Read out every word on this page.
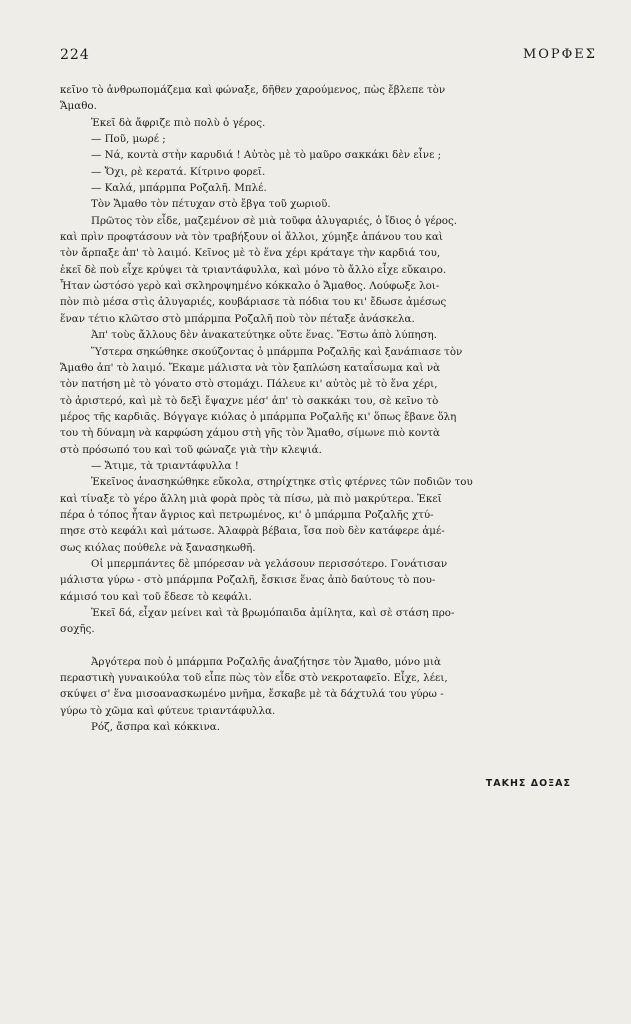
224	ΜΟΡΦΕΣ
κεῖνο τὸ ἀνθρωπομάζεμα καὶ φώναξε, δῆθεν χαρούμενος, πὼς ἔβλεπε τὸν
Ἄμαθο.
Ἐκεῖ δὰ ἄφριζε πιὸ πολὺ ὁ γέρος.
— Ποῦ, μωρέ ;
— Νά, κοντὰ στὴν καρυδιά ! Αὐτὸς μὲ τὸ μαῦρο σακκάκι δὲν εἶνε ;
— Ὄχι, ρὲ κερατά. Κίτρινο φορεῖ.
— Καλά, μπάρμπα Ροζαλῆ. Μπλέ.
Τὸν Ἄμαθο τὸν πέτυχαν στὸ ἔβγα τοῦ χωριοῦ.
Πρῶτος τὸν εἶδε, μαζεμένον σὲ μιὰ τοῦφα ἀλυγαριές, ὁ ἴδιος ὁ γέρος.
καὶ πρὶν προφτάσουν νὰ τὸν τραβήξουν οἱ ἄλλοι, χύμηξε ἀπάνου του καὶ
τὸν ἄρπαξε ἀπ' τὸ λαιμό. Κεῖνος μὲ τὸ ἕνα χέρι κράταγε τὴν καρδιά του,
ἐκεῖ δὲ ποὺ εἶχε κρύψει τὰ τριαντάφυλλα, καὶ μόνο τὸ ἄλλο εἶχε εὔκαιρο.
Ἦταν ὡστόσο γερὸ καὶ σκληροψημένο κόκκαλο ὁ Ἄμαθος. Λούφωξε λοι-
πὸν πιὸ μέσα στὶς ἀλυγαριές, κουβάριασε τὰ πόδια του κι' ἔδωσε ἀμέσως
ἕναν τέτιο κλῶτσο στὸ μπάρμπα Ροζαλῆ ποὺ τὸν πέταξε ἀνάσκελα.
Ἀπ' τοὺς ἄλλους δὲν ἀνακατεύτηκε οὔτε ἕνας. Ἔστω ἀπὸ λύπηση.
Ὕστερα σηκώθηκε σκούζοντας ὁ μπάρμπα Ροζαλῆς καὶ ξανάπιασε τὸν
Ἄμαθο ἀπ' τὸ λαιμό. Ἔκαμε μάλιστα νὰ τὸν ξαπλώση καταΐσωμα καὶ νὰ
τὸν πατήση μὲ τὸ γόνατο στὸ στομάχι. Πάλευε κι' αὐτὸς μὲ τὸ ἕνα χέρι,
τὸ ἀριστερό, καὶ μὲ τὸ δεξὶ ἔψαχνε μέσ' ἀπ' τὸ σακκάκι του, σὲ κεῖνο τὸ
μέρος τῆς καρδιᾶς. Βόγγαγε κιόλας ὁ μπάρμπα Ροζαλῆς κι' ὅπως ἔβανε ὅλη
του τὴ δύναμη νὰ καρφώση χάμου στὴ γῆς τὸν Ἄμαθο, σίμωνε πιὸ κοντὰ
στὸ πρόσωπό του καὶ τοῦ φώναζε γιὰ τὴν κλεψιά.
— Ἄτιμε, τὰ τριαντάφυλλα !
Ἐκεῖνος ἀνασηκώθηκε εὔκολα, στηρίχτηκε στὶς φτέρνες τῶν ποδιῶν του
καὶ τίναξε τὸ γέρο ἄλλη μιὰ φορὰ πρὸς τὰ πίσω, μὰ πιὸ μακρύτερα. Ἐκεῖ
πέρα ὁ τόπος ἦταν ἄγριος καὶ πετρωμένος, κι' ὁ μπάρμπα Ροζαλῆς χτύ-
πησε στὸ κεφάλι καὶ μάτωσε. Ἀλαφρὰ βέβαια, ἴσα ποὺ δὲν κατάφερε ἀμέ-
σως κιόλας πούθελε νὰ ξανασηκωθῆ.
Οἱ μπερμπάντες δὲ μπόρεσαν νὰ γελάσουν περισσότερο. Γονάτισαν
μάλιστα γύρω - στὸ μπάρμπα Ροζαλῆ, ἔσκισε ἕνας ἀπὸ δαύτους τὸ που-
κάμισό του καὶ τοῦ ἔδεσε τὸ κεφάλι.
Ἐκεῖ δά, εἶχαν μείνει καὶ τὰ βρωμόπαιδα ἀμίλητα, καὶ σὲ στάση προ-
σοχῆς.
Ἀργότερα ποὺ ὁ μπάρμπα Ροζαλῆς ἀναζήτησε τὸν Ἄμαθο, μόνο μιὰ
περαστικὴ γυναικούλα τοῦ εἶπε πὼς τὸν εἶδε στὸ νεκροταφεῖο. Εἶχε, λέει,
σκύψει σ' ἕνα μισοανασκωμένο μνῆμα, ἔσκαβε μὲ τὰ δάχτυλά του γύρω -
γύρω τὸ χῶμα καὶ φύτευε τριαντάφυλλα.
Ρόζ, ἄσπρα καὶ κόκκινα.
ΤΑΚΗΣ ΔΟΞΑΣ
